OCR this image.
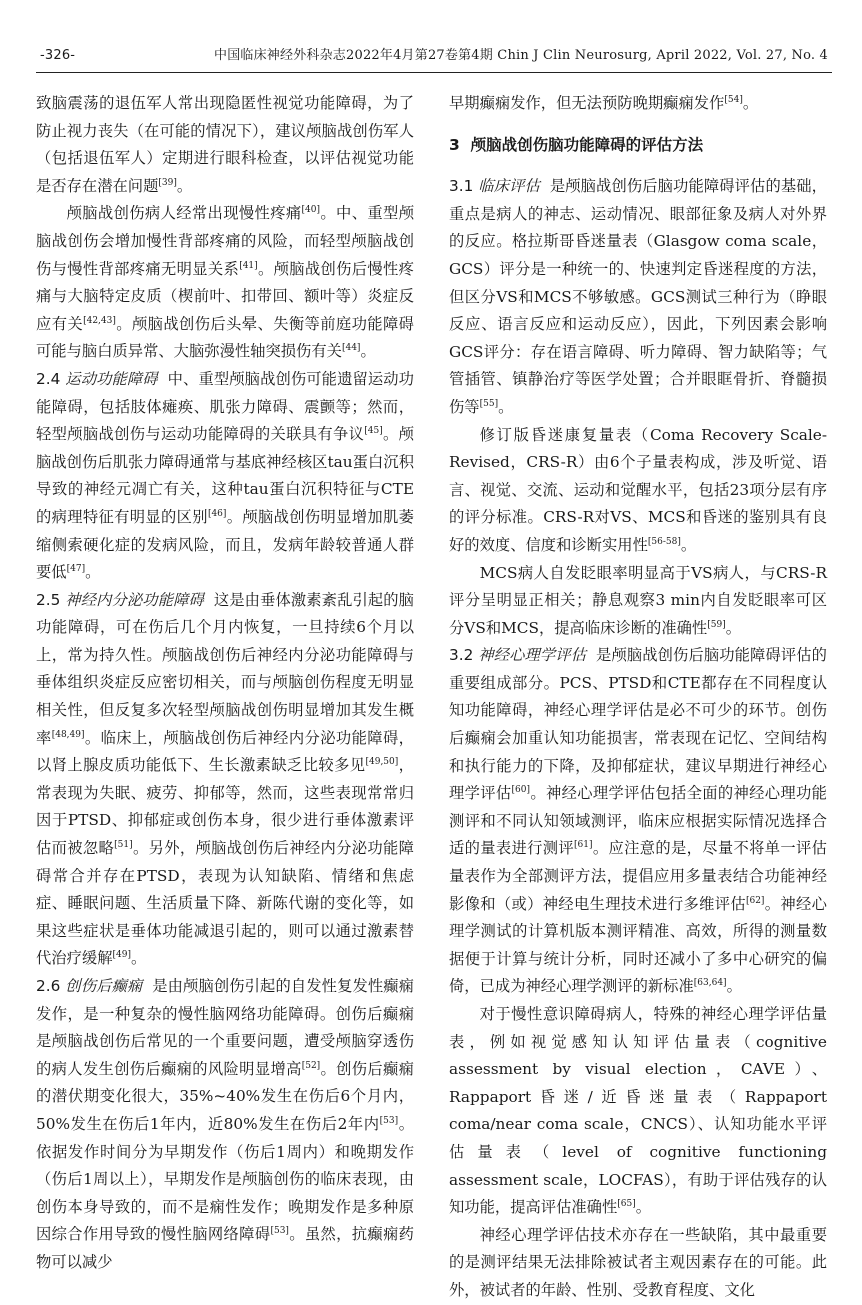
-326-	中国临床神经外科杂志2022年4月第27卷第4期 Chin J Clin Neurosurg, April 2022, Vol. 27, No. 4

致脑震荡的退伍军人常出现隐匿性视觉功能障碍，为了防止视力丧失（在可能的情况下），建议颅脑战创伤军人（包括退伍军人）定期进行眼科检查，以评估视觉功能是否存在潜在问题[39]。

颅脑战创伤病人经常出现慢性疼痛[40]。中、重型颅脑战创伤会增加慢性背部疼痛的风险，而轻型颅脑战创伤与慢性背部疼痛无明显关系[41]。颅脑战创伤后慢性疼痛与大脑特定皮质（楔前叶、扣带回、额叶等）炎症反应有关[42,43]。颅脑战创伤后头晕、失衡等前庭功能障碍可能与脑白质异常、大脑弥漫性轴突损伤有关[44]。

2.4 运动功能障碍 中、重型颅脑战创伤可能遗留运动功能障碍，包括肢体瘫痪、肌张力障碍、震颤等；然而，轻型颅脑战创伤与运动功能障碍的关联具有争议[45]。颅脑战创伤后肌张力障碍通常与基底神经核区tau蛋白沉积导致的神经元凋亡有关，这种tau蛋白沉积特征与CTE的病理特征有明显的区别[46]。颅脑战创伤明显增加肌萎缩侧索硬化症的发病风险，而且，发病年龄较普通人群要低[47]。

2.5 神经内分泌功能障碍 这是由垂体激素紊乱引起的脑功能障碍，可在伤后几个月内恢复，一旦持续6个月以上，常为持久性。颅脑战创伤后神经内分泌功能障碍与垂体组织炎症反应密切相关，而与颅脑创伤程度无明显相关性，但反复多次轻型颅脑战创伤明显增加其发生概率[48,49]。临床上，颅脑战创伤后神经内分泌功能障碍，以肾上腺皮质功能低下、生长激素缺乏比较多见[49,50]，常表现为失眠、疲劳、抑郁等，然而，这些表现常常归因于PTSD、抑郁症或创伤本身，很少进行垂体激素评估而被忽略[51]。另外，颅脑战创伤后神经内分泌功能障碍常合并存在PTSD，表现为认知缺陷、情绪和焦虑症、睡眠问题、生活质量下降、新陈代谢的变化等，如果这些症状是垂体功能减退引起的，则可以通过激素替代治疗缓解[49]。

2.6 创伤后癫痫 是由颅脑创伤引起的自发性复发性癫痫发作，是一种复杂的慢性脑网络功能障碍。创伤后癫痫是颅脑战创伤后常见的一个重要问题，遭受颅脑穿透伤的病人发生创伤后癫痫的风险明显增高[52]。创伤后癫痫的潜伏期变化很大，35%~40%发生在伤后6个月内，50%发生在伤后1年内，近80%发生在伤后2年内[53]。依据发作时间分为早期发作（伤后1周内）和晚期发作（伤后1周以上），早期发作是颅脑创伤的临床表现，由创伤本身导致的，而不是痫性发作；晚期发作是多种原因综合作用导致的慢性脑网络障碍[53]。虽然，抗癫痫药物可以减少

早期癫痫发作，但无法预防晚期癫痫发作[54]。

3 颅脑战创伤脑功能障碍的评估方法

3.1 临床评估 是颅脑战创伤后脑功能障碍评估的基础，重点是病人的神志、运动情况、眼部征象及病人对外界的反应。格拉斯哥昏迷量表（Glasgow coma scale，GCS）评分是一种统一的、快速判定昏迷程度的方法，但区分VS和MCS不够敏感。GCS测试三种行为（睁眼反应、语言反应和运动反应），因此，下列因素会影响GCS评分：存在语言障碍、听力障碍、智力缺陷等；气管插管、镇静治疗等医学处置；合并眼眶骨折、脊髓损伤等[55]。

修订版昏迷康复量表（Coma Recovery Scale-Revised，CRS-R）由6个子量表构成，涉及听觉、语言、视觉、交流、运动和觉醒水平，包括23项分层有序的评分标准。CRS-R对VS、MCS和昏迷的鉴别具有良好的效度、信度和诊断实用性[56-58]。

MCS病人自发眨眼率明显高于VS病人，与CRS-R评分呈明显正相关；静息观察3 min内自发眨眼率可区分VS和MCS，提高临床诊断的准确性[59]。

3.2 神经心理学评估 是颅脑战创伤后脑功能障碍评估的重要组成部分。PCS、PTSD和CTE都存在不同程度认知功能障碍，神经心理学评估是必不可少的环节。创伤后癫痫会加重认知功能损害，常表现在记忆、空间结构和执行能力的下降，及抑郁症状，建议早期进行神经心理学评估[60]。神经心理学评估包括全面的神经心理功能测评和不同认知领域测评，临床应根据实际情况选择合适的量表进行测评[61]。应注意的是，尽量不将单一评估量表作为全部测评方法，提倡应用多量表结合功能神经影像和（或）神经电生理技术进行多维评估[62]。神经心理学测试的计算机版本测评精准、高效，所得的测量数据便于计算与统计分析，同时还减小了多中心研究的偏倚，已成为神经心理学测评的新标准[63,64]。

对于慢性意识障碍病人，特殊的神经心理学评估量表，例如视觉感知认知评估量表（cognitive assessment by visual election，CAVE）、Rappaport昏迷/近昏迷量表（Rappaport coma/near coma scale，CNCS）、认知功能水平评估量表（level of cognitive functioning assessment scale，LOCFAS），有助于评估残存的认知功能，提高评估准确性[65]。

神经心理学评估技术亦存在一些缺陷，其中最重要的是测评结果无法排除被试者主观因素存在的可能。此外，被试者的年龄、性别、受教育程度、文化
